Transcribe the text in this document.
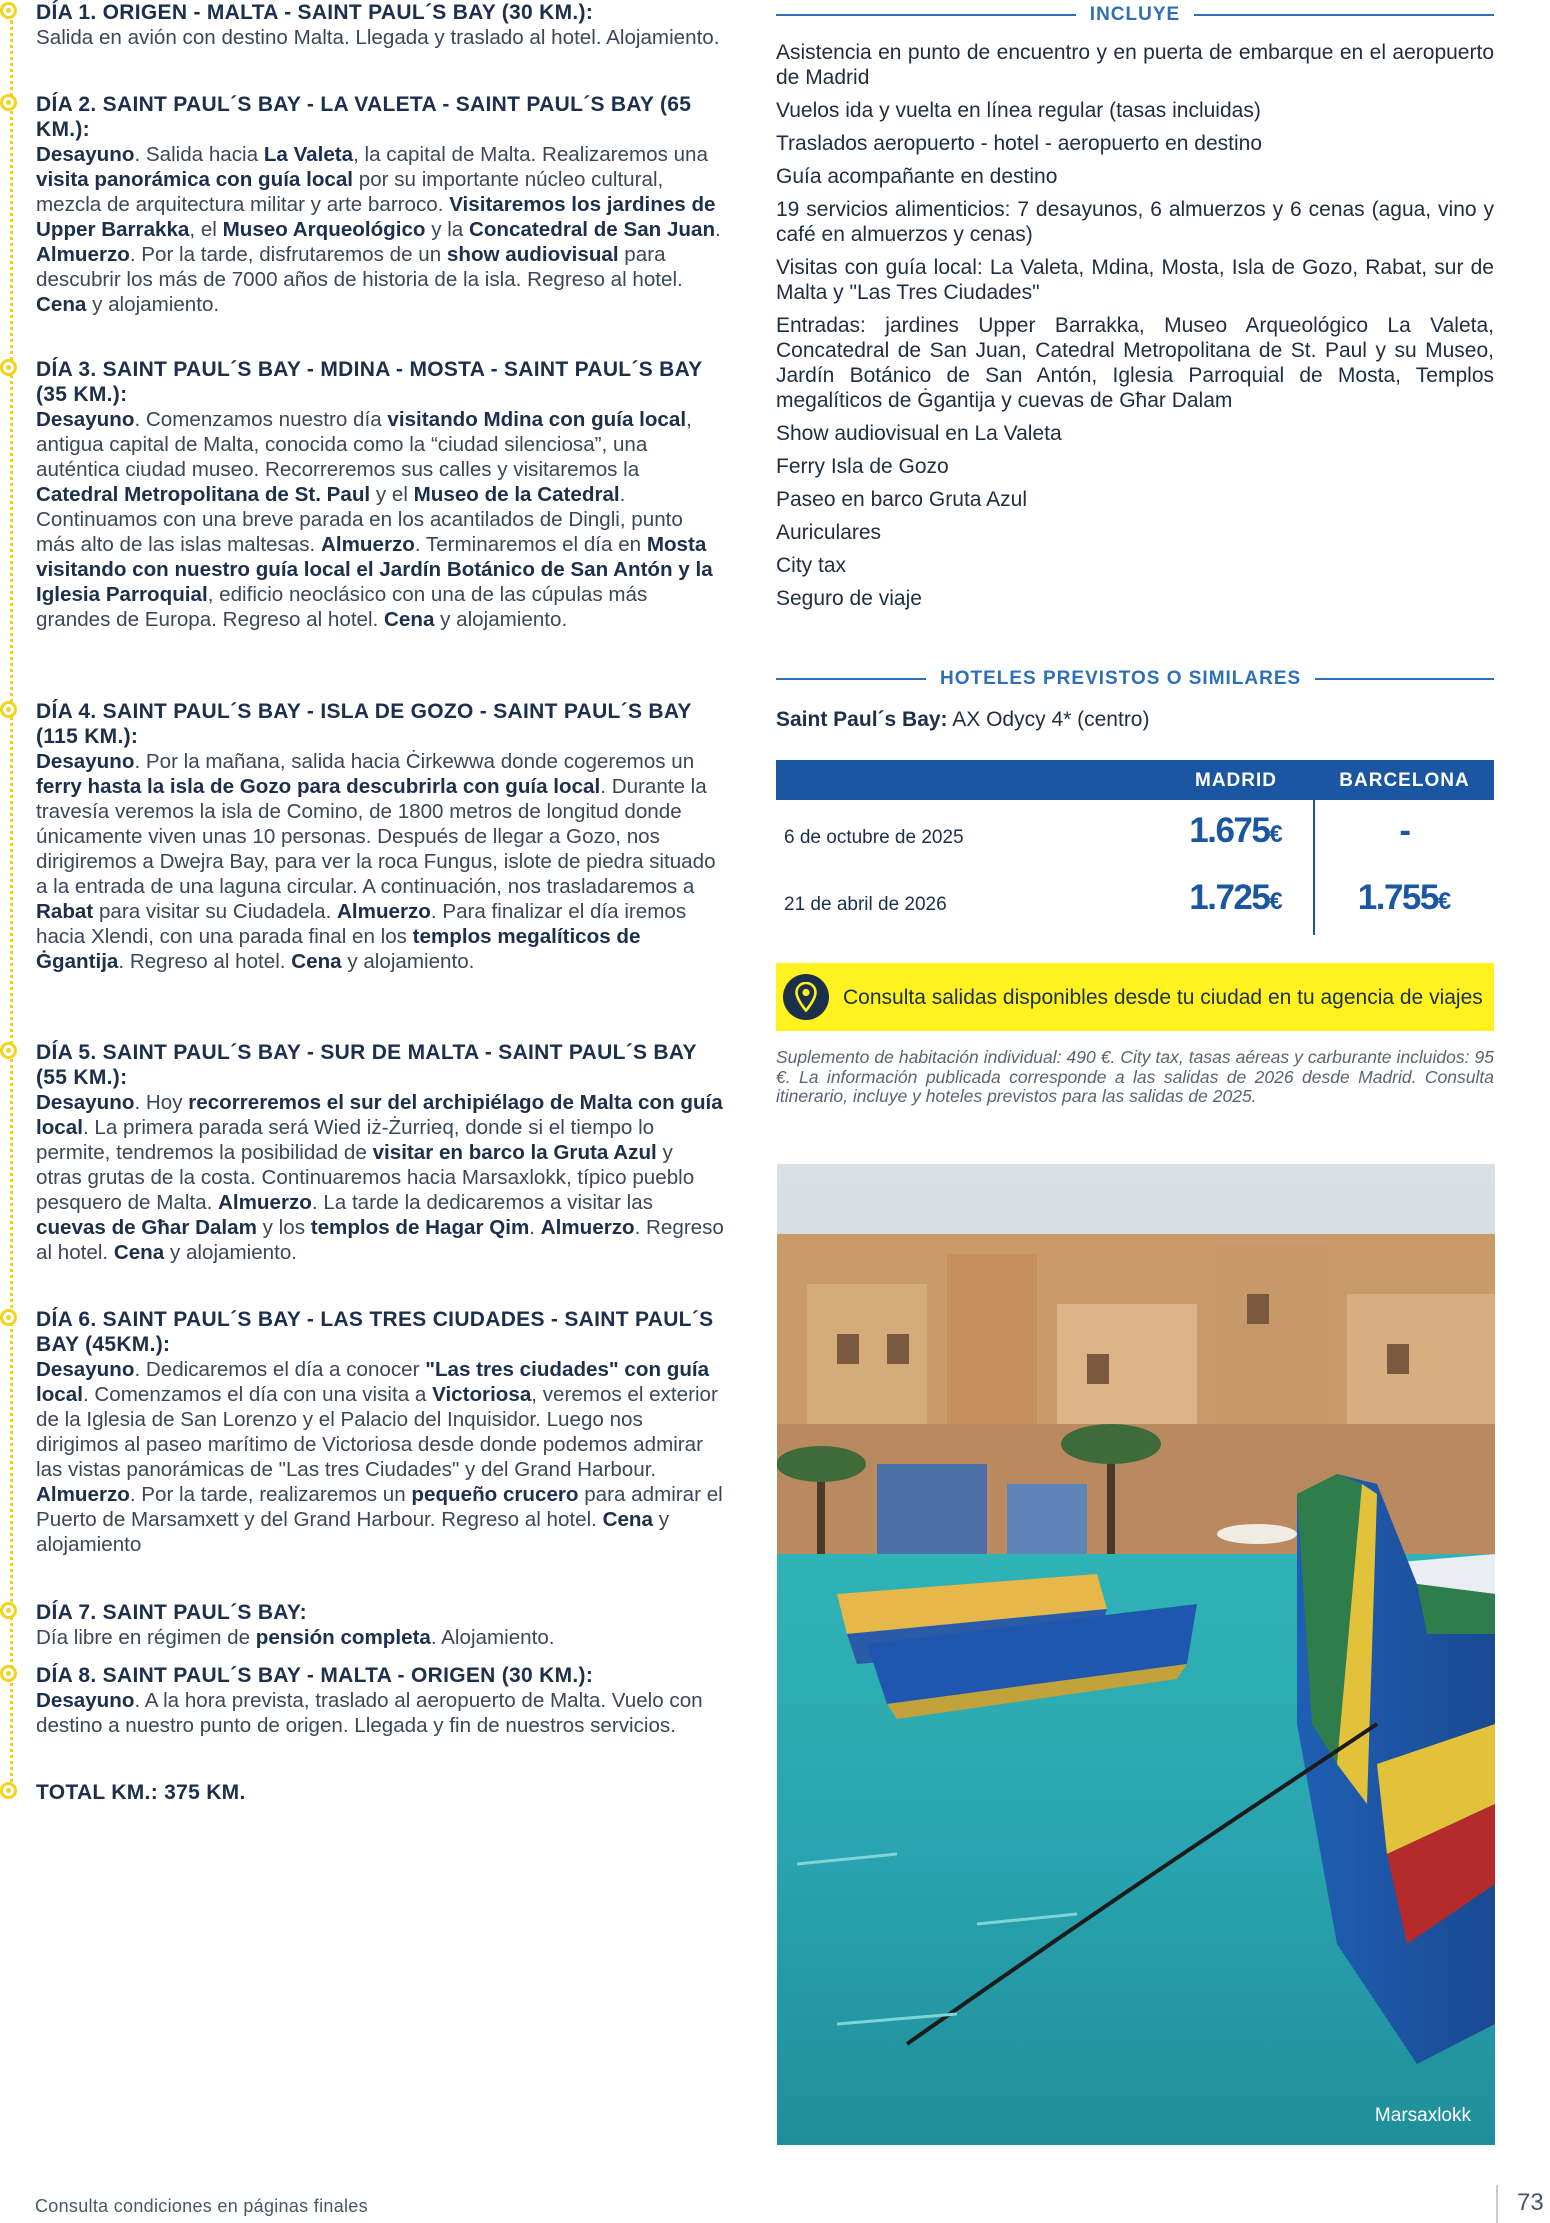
DÍA 1. ORIGEN - MALTA - SAINT PAUL´S BAY (30 KM.):
Salida en avión con destino Malta. Llegada y traslado al hotel. Alojamiento.
DÍA 2. SAINT PAUL´S BAY - LA VALETA - SAINT PAUL´S BAY (65 KM.):
Desayuno. Salida hacia La Valeta, la capital de Malta. Realizaremos una visita panorámica con guía local por su importante núcleo cultural, mezcla de arquitectura militar y arte barroco. Visitaremos los jardines de Upper Barrakka, el Museo Arqueológico y la Concatedral de San Juan. Almuerzo. Por la tarde, disfrutaremos de un show audiovisual para descubrir los más de 7000 años de historia de la isla. Regreso al hotel. Cena y alojamiento.
DÍA 3. SAINT PAUL´S BAY - MDINA - MOSTA - SAINT PAUL´S BAY (35 KM.):
Desayuno. Comenzamos nuestro día visitando Mdina con guía local, antigua capital de Malta, conocida como la “ciudad silenciosa”, una auténtica ciudad museo. Recorreremos sus calles y visitaremos la Catedral Metropolitana de St. Paul y el Museo de la Catedral. Continuamos con una breve parada en los acantilados de Dingli, punto más alto de las islas maltesas. Almuerzo. Terminaremos el día en Mosta visitando con nuestro guía local el Jardín Botánico de San Antón y la Iglesia Parroquial, edificio neoclásico con una de las cúpulas más grandes de Europa. Regreso al hotel. Cena y alojamiento.
DÍA 4. SAINT PAUL´S BAY - ISLA DE GOZO - SAINT PAUL´S BAY (115 KM.):
Desayuno. Por la mañana, salida hacia Ċirkewwa donde cogeremos un ferry hasta la isla de Gozo para descubrirla con guía local. Durante la travesía veremos la isla de Comino, de 1800 metros de longitud donde únicamente viven unas 10 personas. Después de llegar a Gozo, nos dirigiremos a Dwejra Bay, para ver la roca Fungus, islote de piedra situado a la entrada de una laguna circular. A continuación, nos trasladaremos a Rabat para visitar su Ciudadela. Almuerzo. Para finalizar el día iremos hacia Xlendi, con una parada final en los templos megalíticos de Ġgantija. Regreso al hotel. Cena y alojamiento.
DÍA 5. SAINT PAUL´S BAY - SUR DE MALTA - SAINT PAUL´S BAY (55 KM.):
Desayuno. Hoy recorreremos el sur del archipiélago de Malta con guía local. La primera parada será Wied iż-Żurrieq, donde si el tiempo lo permite, tendremos la posibilidad de visitar en barco la Gruta Azul y otras grutas de la costa. Continuaremos hacia Marsaxlokk, típico pueblo pesquero de Malta. Almuerzo. La tarde la dedicaremos a visitar las cuevas de Għar Dalam y los templos de Hagar Qim. Almuerzo. Regreso al hotel. Cena y alojamiento.
DÍA 6. SAINT PAUL´S BAY - LAS TRES CIUDADES - SAINT PAUL´S BAY (45KM.):
Desayuno. Dedicaremos el día a conocer "Las tres ciudades" con guía local. Comenzamos el día con una visita a Victoriosa, veremos el exterior de la Iglesia de San Lorenzo y el Palacio del Inquisidor. Luego nos dirigimos al paseo marítimo de Victoriosa desde donde podemos admirar las vistas panorámicas de "Las tres Ciudades" y del Grand Harbour. Almuerzo. Por la tarde, realizaremos un pequeño crucero para admirar el Puerto de Marsamxett y del Grand Harbour. Regreso al hotel. Cena y alojamiento
DÍA 7. SAINT PAUL´S BAY:
Día libre en régimen de pensión completa. Alojamiento.
DÍA 8. SAINT PAUL´S BAY - MALTA - ORIGEN (30 KM.):
Desayuno. A la hora prevista, traslado al aeropuerto de Malta. Vuelo con destino a nuestro punto de origen. Llegada y fin de nuestros servicios.
TOTAL KM.: 375 KM.
INCLUYE
Asistencia en punto de encuentro y en puerta de embarque en el aeropuerto de Madrid
Vuelos ida y vuelta en línea regular (tasas incluidas)
Traslados aeropuerto - hotel - aeropuerto en destino
Guía acompañante en destino
19 servicios alimenticios: 7 desayunos, 6 almuerzos y 6 cenas (agua, vino y café en almuerzos y cenas)
Visitas con guía local: La Valeta, Mdina, Mosta, Isla de Gozo, Rabat, sur de Malta y "Las Tres Ciudades"
Entradas: jardines Upper Barrakka, Museo Arqueológico La Valeta, Concatedral de San Juan, Catedral Metropolitana de St. Paul y su Museo, Jardín Botánico de San Antón, Iglesia Parroquial de Mosta, Templos megalíticos de Ġgantija y cuevas de Għar Dalam
Show audiovisual en La Valeta
Ferry Isla de Gozo
Paseo en barco Gruta Azul
Auriculares
City tax
Seguro de viaje
HOTELES PREVISTOS O SIMILARES
Saint Paul´s Bay: AX Odycy 4* (centro)
MADRID	BARCELONA
6 de octubre de 2025	1.675€	-
21 de abril de 2026	1.725€	1.755€
Consulta salidas disponibles desde tu ciudad en tu agencia de viajes
Suplemento de habitación individual: 490 €. City tax, tasas aéreas y carburante incluidos: 95 €. La información publicada corresponde a las salidas de 2026 desde Madrid. Consulta itinerario, incluye y hoteles previstos para las salidas de 2025.
Marsaxlokk
Consulta condiciones en páginas finales	73
